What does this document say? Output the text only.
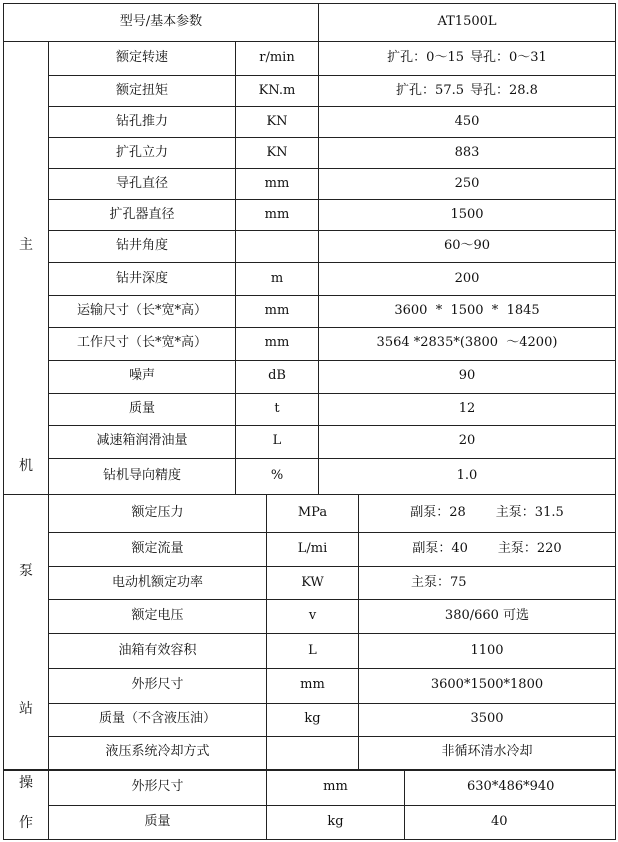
型号/基本参数			AT1500L

主
机	额定转速	r/min	扩孔：0～15 导孔：0～31

	额定扭矩	KN.m	扩孔：57.5 导孔：28.8

	钻孔推力	KN	450
	扩孔立力	KN	883
	导孔直径	mm	250
	扩孔器直径	mm	1500
	钻井角度		60～90
	钻井深度	m	200
	运输尺寸（长*宽*高）	mm	3600  *  1500  *  1845
	工作尺寸（长*宽*高）	mm	3564 *2835*(3800  ～4200)
	噪声	dB	90
	质量	t	12
	减速箱润滑油量	L	20
	钻机导向精度	%	1.0
泵
站	额定压力	MPa	副泵：28 主泵：31.5

	额定流量	L/mi	副泵：40 主泵：220

	电动机额定功率	KW	主泵：75
	额定电压	v	380/660 可选
	油箱有效容积	L	1100
	外形尺寸	mm	3600*1500*1800
	质量（不含液压油）	kg	3500
	液压系统冷却方式		非循环清水冷却
操
作	外形尺寸	mm	630*486*940
	质量	kg	40
